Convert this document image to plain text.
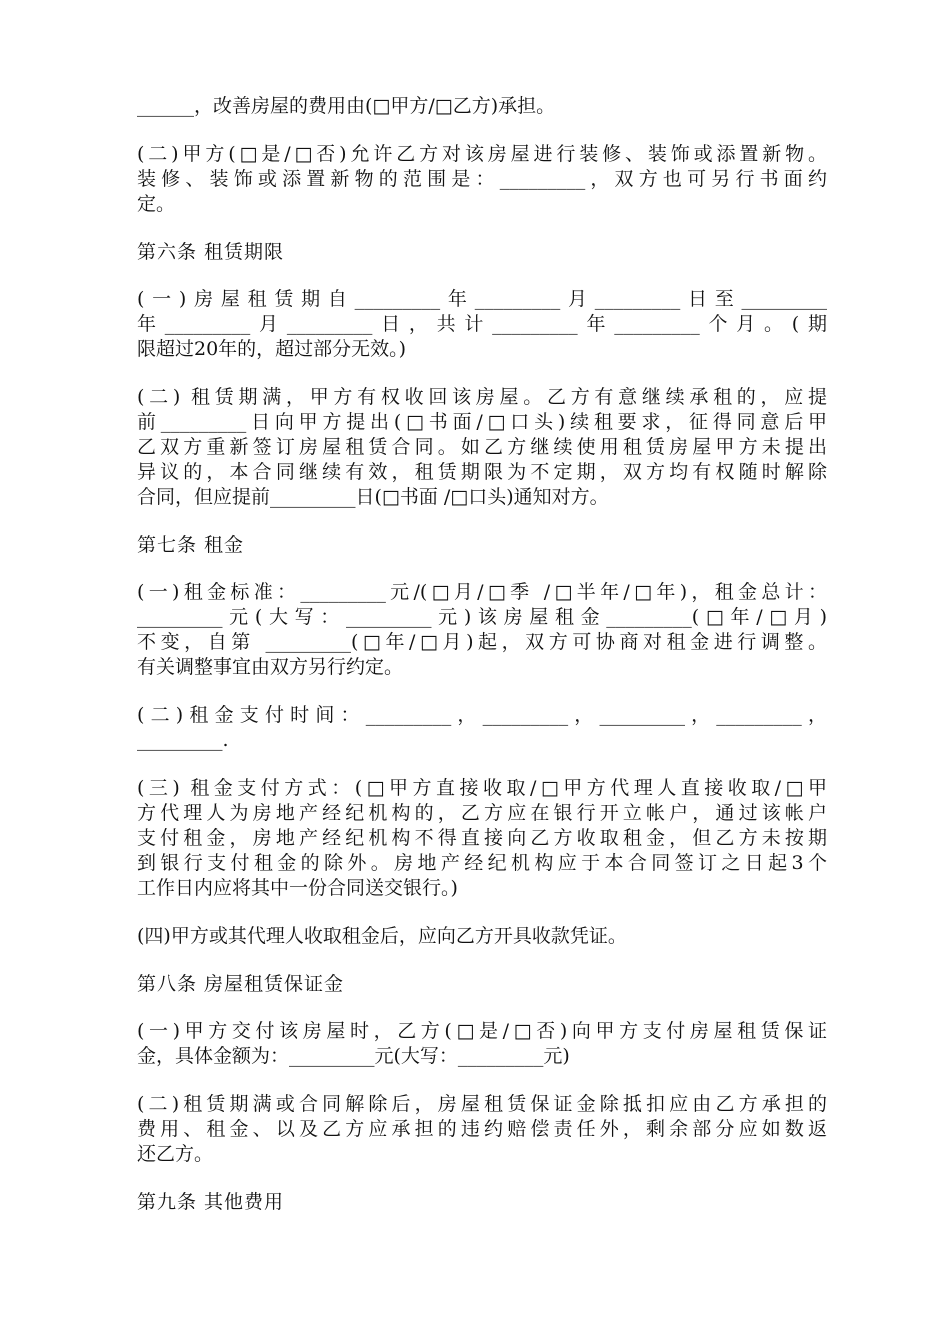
______，改善房屋的费用由(□甲方/□乙方)承担。
(二)甲方(□是/□否)允许乙方对该房屋进行装修、装饰或添置新物。
装修、装饰或添置新物的范围是：_________，双方也可另行书面约
定。
第六条 租赁期限
(一)房屋租赁期自_________年_________月_________日至_________
年_________月_________日，共计_________年_________个月。(期
限超过20年的，超过部分无效。)
(二) 租赁期满，甲方有权收回该房屋。乙方有意继续承租的，应提
前_________日向甲方提出(□书面/□口头)续租要求，征得同意后甲
乙双方重新签订房屋租赁合同。如乙方继续使用租赁房屋甲方未提出
异议的，本合同继续有效，租赁期限为不定期，双方均有权随时解除
合同，但应提前_________日(□书面 /□口头)通知对方。
第七条 租金
(一)租金标准：_________元/(□月/□季 /□半年/□年)，租金总计：
_________元(大写：_________元)该房屋租金_________(□年/□月)
不变，自第 _________(□年/□月)起，双方可协商对租金进行调整。
有关调整事宜由双方另行约定。
(二)租金支付时间：_________，_________，_________，_________，
_________.
(三) 租金支付方式：(□甲方直接收取/□甲方代理人直接收取/□甲
方代理人为房地产经纪机构的，乙方应在银行开立帐户，通过该帐户
支付租金，房地产经纪机构不得直接向乙方收取租金，但乙方未按期
到银行支付租金的除外。房地产经纪机构应于本合同签订之日起3个
工作日内应将其中一份合同送交银行。)
(四)甲方或其代理人收取租金后，应向乙方开具收款凭证。
第八条 房屋租赁保证金
(一)甲方交付该房屋时，乙方(□是/□否)向甲方支付房屋租赁保证
金，具体金额为：_________元(大写：_________元)
(二)租赁期满或合同解除后，房屋租赁保证金除抵扣应由乙方承担的
费用、租金、以及乙方应承担的违约赔偿责任外，剩余部分应如数返
还乙方。
第九条 其他费用
